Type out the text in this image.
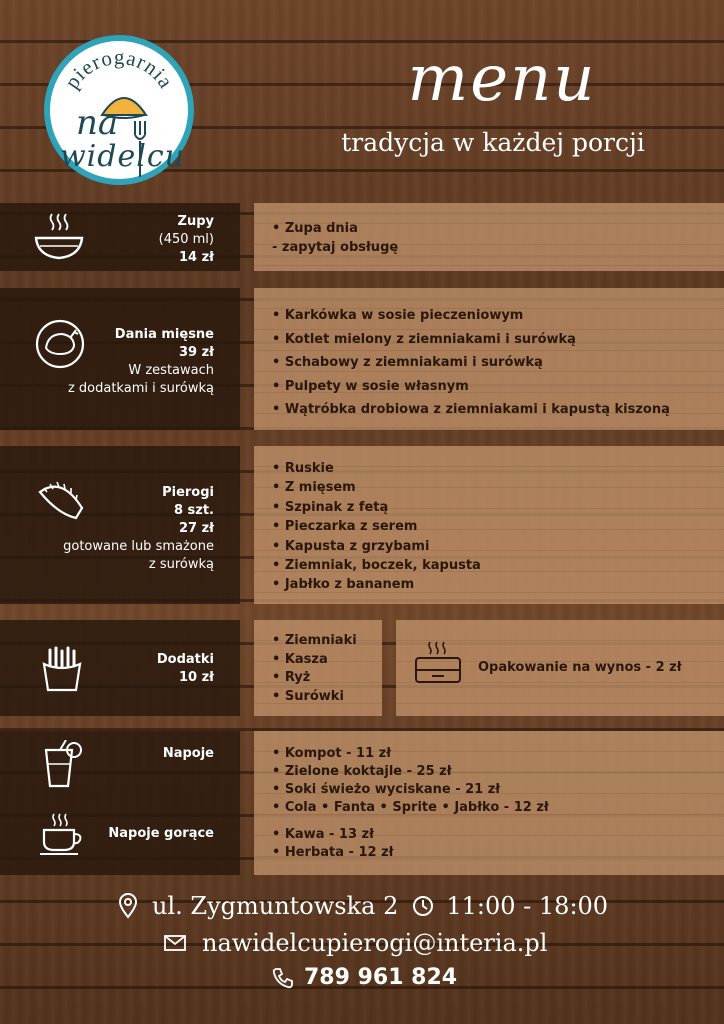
pierogarnia
na
widelcu
menu
tradycja w każdej porcji
Zupy
(450 ml)
14 zł
• Zupa dnia
- zapytaj obsługę
Dania mięsne
39 zł
W zestawach
z dodatkami i surówką
• Karkówka w sosie pieczeniowym
• Kotlet mielony z ziemniakami i surówką
• Schabowy z ziemniakami i surówką
• Pulpety w sosie własnym
• Wątróbka drobiowa z ziemniakami i kapustą kiszoną
Pierogi
8 szt.
27 zł
gotowane lub smażone
z surówką
• Ruskie
• Z mięsem
• Szpinak z fetą
• Pieczarka z serem
• Kapusta z grzybami
• Ziemniak, boczek, kapusta
• Jabłko z bananem
Dodatki
10 zł
• Ziemniaki
• Kasza
• Ryż
• Surówki
Opakowanie na wynos - 2 zł
Napoje
Napoje gorące
• Kompot - 11 zł
• Zielone koktajle - 25 zł
• Soki świeżo wyciskane - 21 zł
• Cola • Fanta • Sprite • Jabłko - 12 zł
• Kawa - 13 zł
• Herbata - 12 zł
ul. Zygmuntowska 2 11:00 - 18:00
nawidelcupierogi@interia.pl
789 961 824
